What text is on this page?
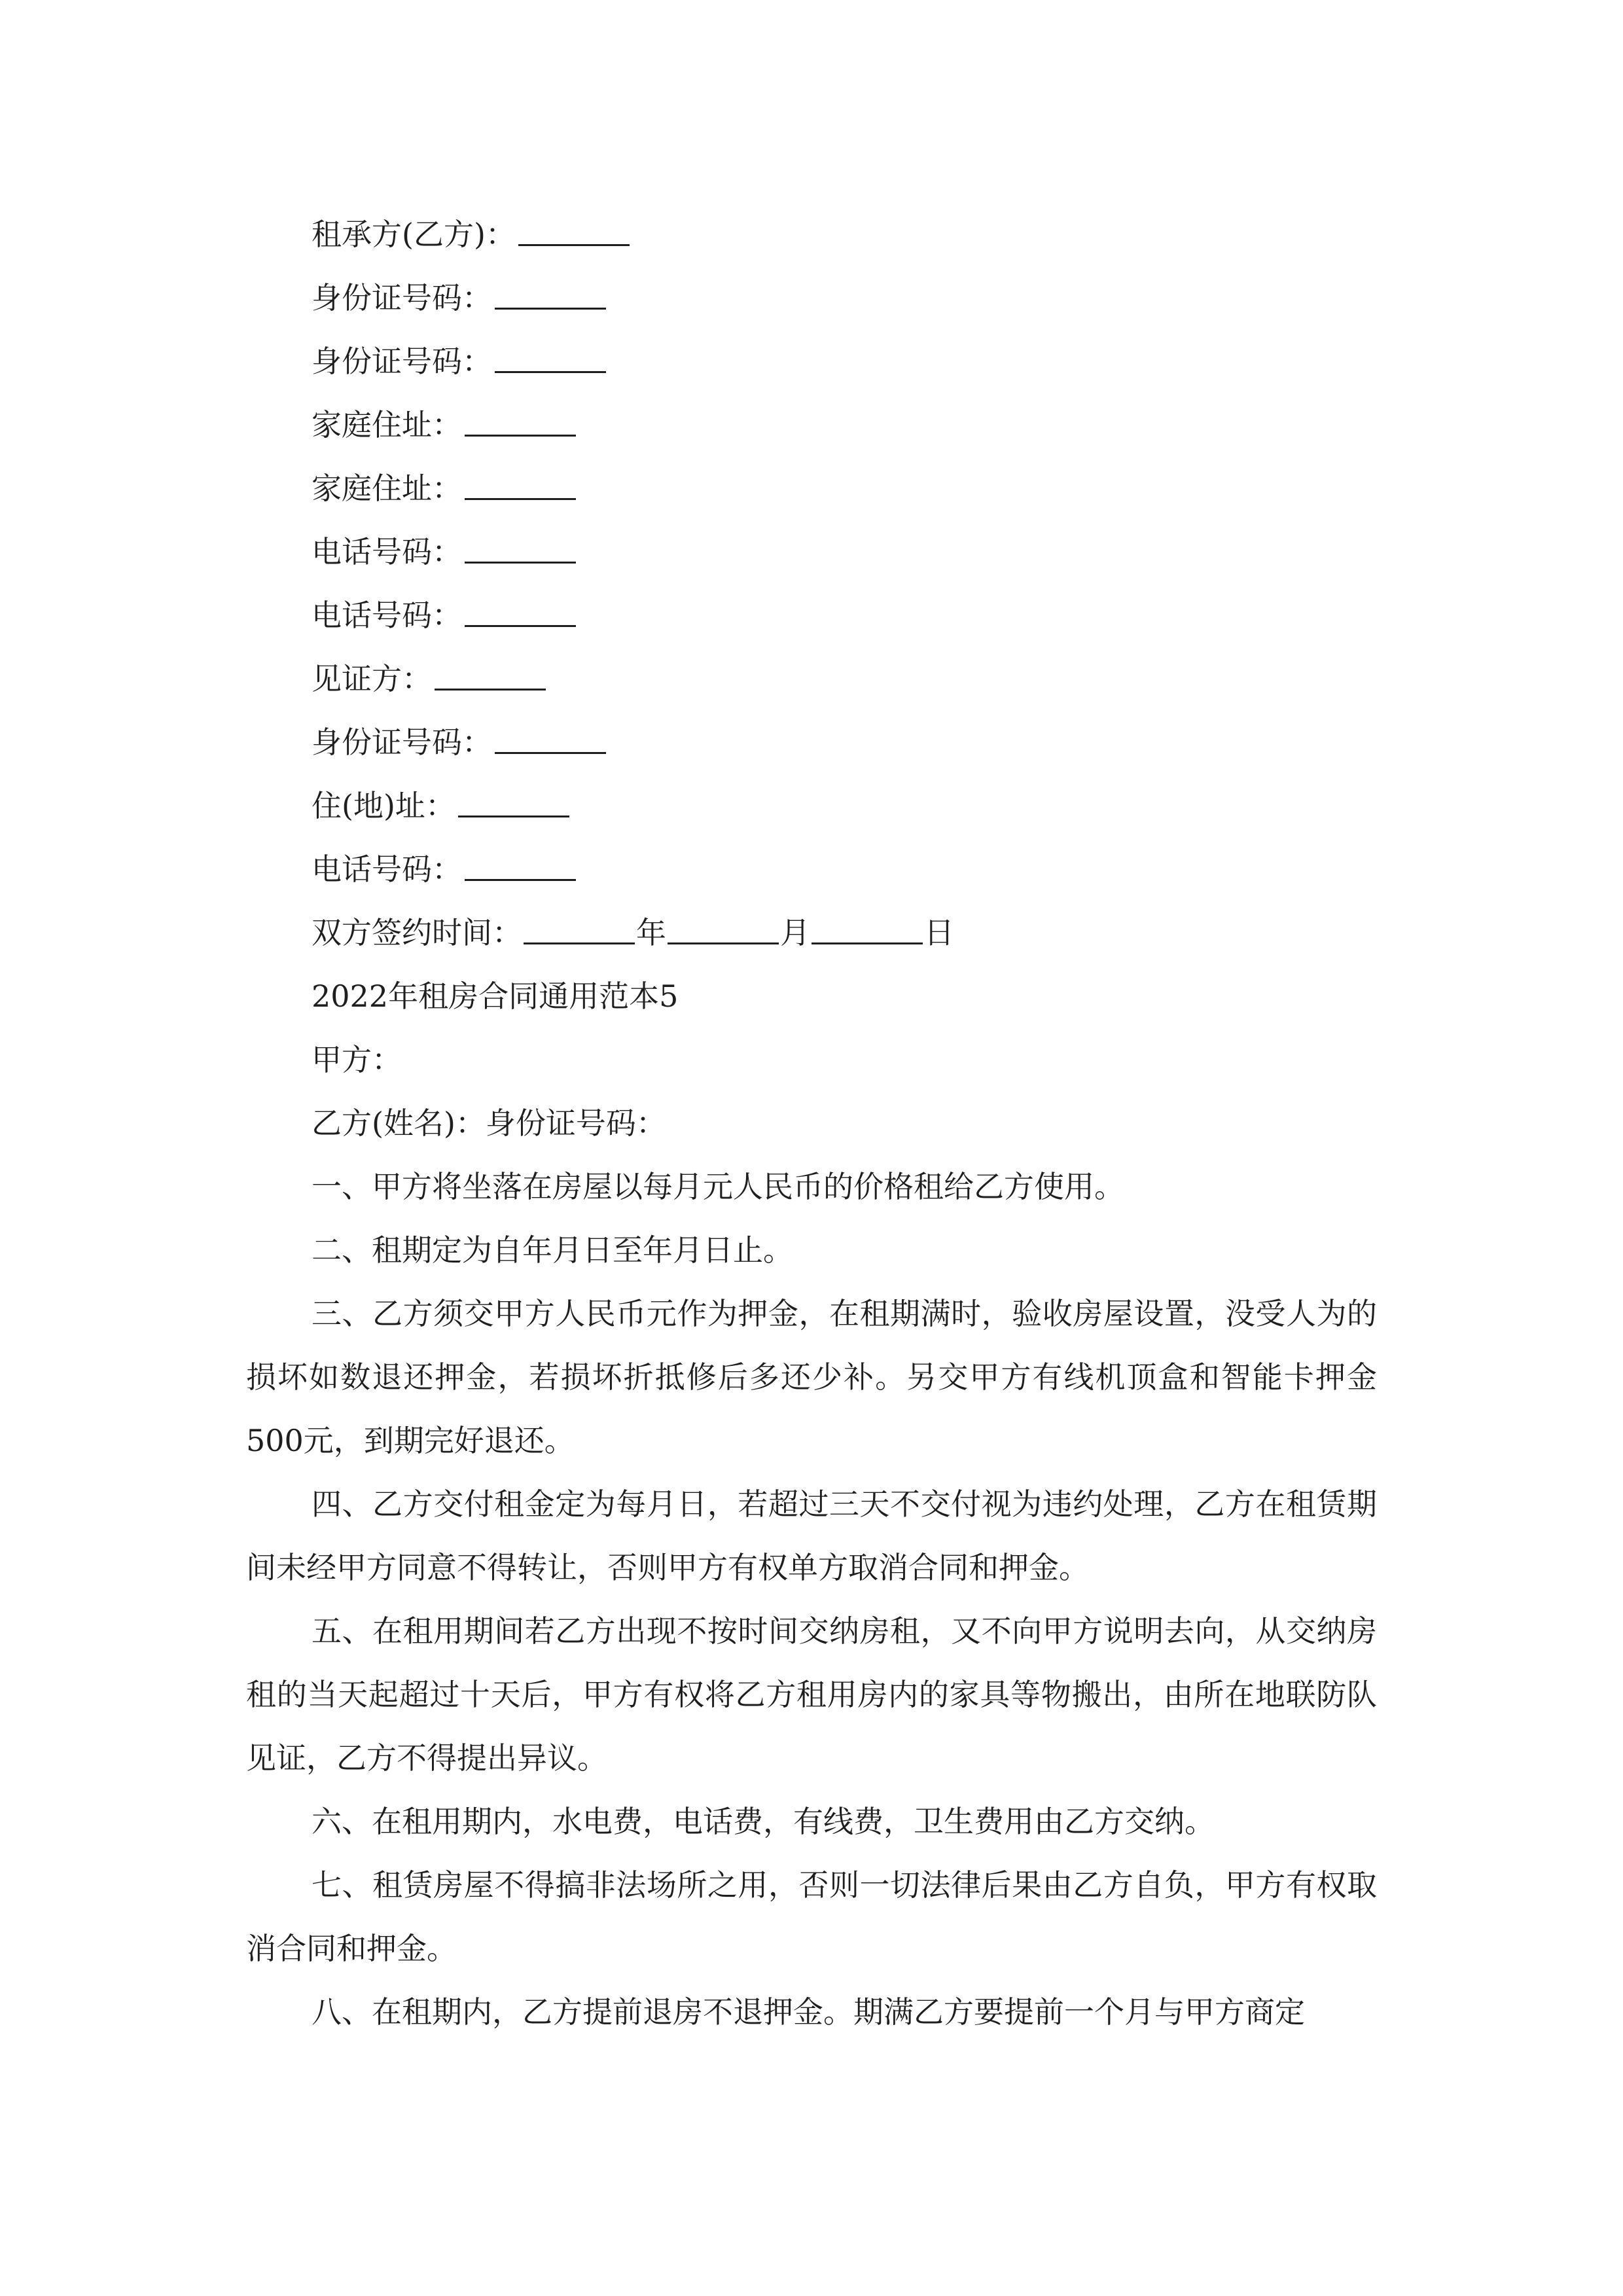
租承方(乙方)：
身份证号码：
身份证号码：
家庭住址：
家庭住址：
电话号码：
电话号码：
见证方：
身份证号码：
住(地)址：
电话号码：
双方签约时间：	年	月	日
2022年租房合同通用范本5
甲方：
乙方(姓名)：身份证号码：

一、甲方将坐落在房屋以每月元人民币的价格租给乙方使用。

二、租期定为自年月日至年月日止。

三、乙方须交甲方人民币元作为押金，在租期满时，验收房屋设置，没受人为的损坏如数退还押金，若损坏折抵修后多还少补。另交甲方有线机顶盒和智能卡押金500元，到期完好退还。

四、乙方交付租金定为每月日，若超过三天不交付视为违约处理，乙方在租赁期间未经甲方同意不得转让，否则甲方有权单方取消合同和押金。

五、在租用期间若乙方出现不按时间交纳房租，又不向甲方说明去向，从交纳房租的当天起超过十天后，甲方有权将乙方租用房内的家具等物搬出，由所在地联防队见证，乙方不得提出异议。

六、在租用期内，水电费，电话费，有线费，卫生费用由乙方交纳。

七、租赁房屋不得搞非法场所之用，否则一切法律后果由乙方自负，甲方有权取消合同和押金。

八、在租期内，乙方提前退房不退押金。期满乙方要提前一个月与甲方商定
